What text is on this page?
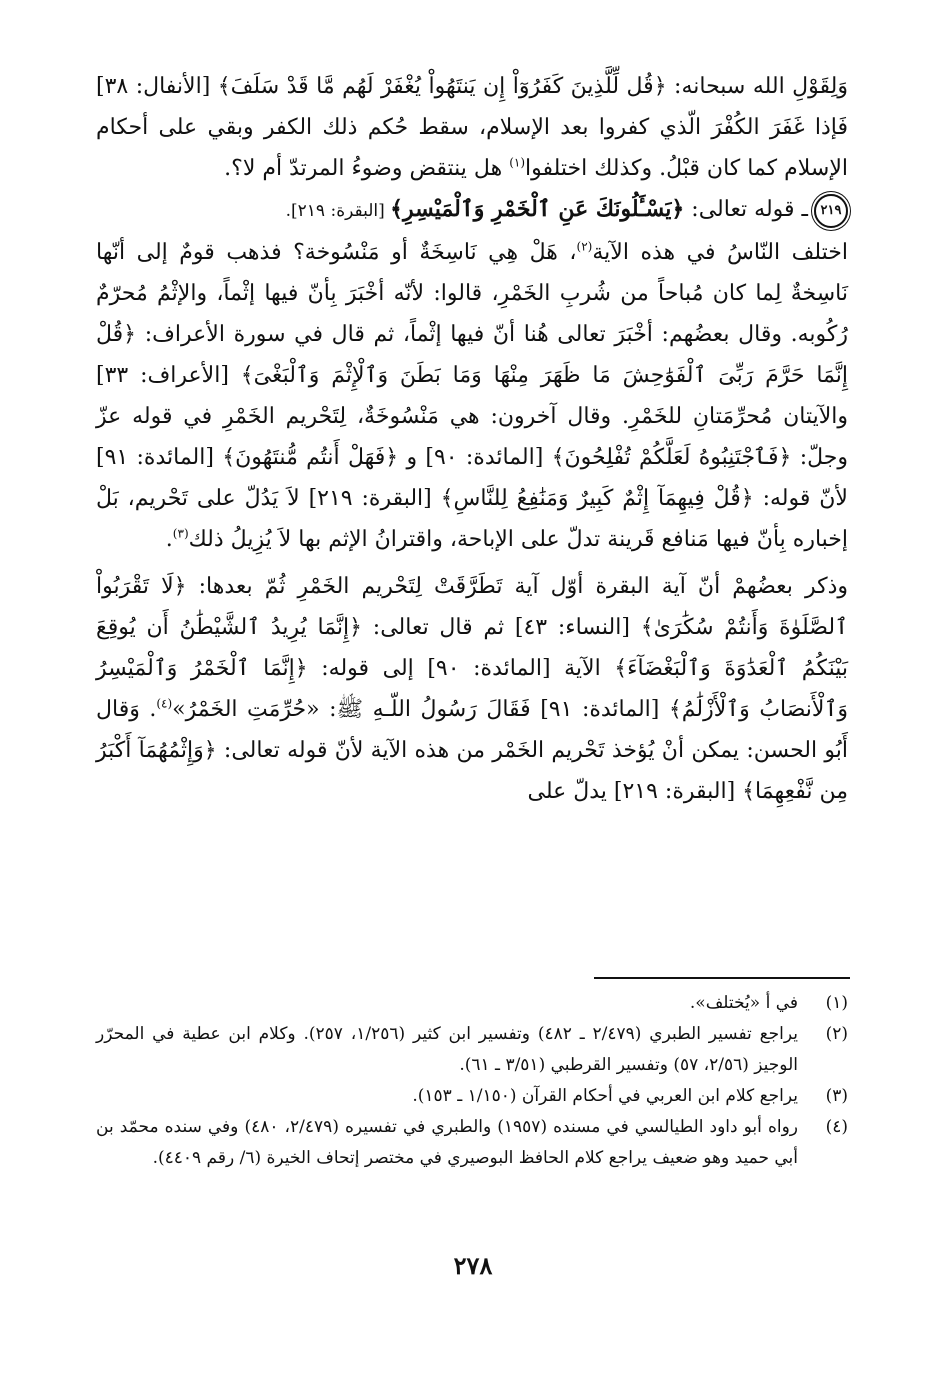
وَلِقَوْلِ الله سبحانه: ﴿قُل لِّلَّذِينَ كَفَرُوٓاْ إِن يَنتَهُواْ يُغْفَرْ لَهُم مَّا قَدْ سَلَفَ﴾ [الأنفال: ٣٨] فَإذا غَفَرَ الكُفْرَ الّذي كفروا بعد الإسلام، سقط حُكم ذلك الكفر وبقي على أحكام الإسلام كما كان قبْلُ. وكذلك اختلفوا$^{(١)}$ هل ينتقض وضوءُ المرتدّ أم لا؟.

٢١٩
ـ قوله تعالى: ﴿يَسْـَٔلُونَكَ عَنِ ٱلْخَمْرِ وَٱلْمَيْسِرِ﴾ [البقرة: ٢١٩].

اختلف النّاسُ في هذه الآية$^{(٢)}$، هَلْ هِي نَاسِخَةٌ أو مَنْسُوخة؟ فذهب قومٌ إلى أنّها نَاسِخةٌ لِما كان مُباحاً من شُربِ الخَمْرِ، قالوا: لأنّه أخْبَرَ بِأنّ فيها إثْماً، والإثْمُ مُحرّمٌ رُكُوبه. وقال بعضُهم: أخْبَرَ تعالى هُنا أنّ فيها إثْماً، ثم قال في سورة الأعراف: ﴿قُلْ إِنَّمَا حَرَّمَ رَبِّىَ ٱلْفَوَٰحِشَ مَا ظَهَرَ مِنْهَا وَمَا بَطَنَ وَٱلْإِثْمَ وَٱلْبَغْىَ﴾ [الأعراف: ٣٣] والآيتان مُحرِّمَتانِ للخَمْرِ. وقال آخرون: هي مَنْسُوخَةٌ، لِتَحْريم الخَمْرِ في قوله عزّ وجلّ: ﴿فَٱجْتَنِبُوهُ لَعَلَّكُمْ تُفْلِحُونَ﴾ [المائدة: ٩٠] و ﴿فَهَلْ أَنتُم مُّنتَهُونَ﴾ [المائدة: ٩١] لأنّ قوله: ﴿قُلْ فِيهِمَآ إِثْمٌ كَبِيرٌ وَمَنَٰفِعُ لِلنَّاسِ﴾ [البقرة: ٢١٩] لاَ يَدُلّ على تَحْريم، بَلْ إخباره بِأنّ فيها مَنافع قَرينة تدلّ على الإباحة، واقترانُ الإثم بها لاَ يُزِيلُ ذلك$^{(٣)}$.

وذكر بعضُهمْ أنّ آية البقرة أوّل آية تَطَرَّقَتْ لِتَحْريم الخَمْرِ ثُمّ بعدها: ﴿لَا تَقْرَبُواْ ٱلصَّلَوٰةَ وَأَنتُمْ سُكَٰرَىٰ﴾ [النساء: ٤٣] ثم قال تعالى: ﴿إِنَّمَا يُرِيدُ ٱلشَّيْطَٰنُ أَن يُوقِعَ بَيْنَكُمُ ٱلْعَدَٰوَةَ وَٱلْبَغْضَآءَ﴾ الآية [المائدة: ٩٠] إلى قوله: ﴿إِنَّمَا ٱلْخَمْرُ وَٱلْمَيْسِرُ وَٱلْأَنصَابُ وَٱلْأَزْلَٰمُ﴾ [المائدة: ٩١] فَقَالَ رَسُولُ اللّـهِ ﷺ: «حُرِّمَتِ الخَمْرُ»$^{(٤)}$. وَقال أَبُو الحسن: يمكن أنْ يُؤخذ تَحْريم الخَمْر من هذه الآية لأنّ قوله تعالى: ﴿وَإِثْمُهُمَآ أَكْبَرُ مِن نَّفْعِهِمَا﴾ [البقرة: ٢١٩] يدلّ على

(١)
في أ «يُختلف».
(٢)
يراجع تفسير الطبري (٢/٤٧٩ ـ ٤٨٢) وتفسير ابن كثير (١/٢٥٦، ٢٥٧). وكلام ابن عطية في المحرّر الوجيز (٢/٥٦، ٥٧) وتفسير القرطبي (٣/٥١ ـ ٦١).
(٣)
يراجع كلام ابن العربي في أحكام القرآن (١/١٥٠ ـ ١٥٣).
(٤)
رواه أبو داود الطيالسي في مسنده (١٩٥٧) والطبري في تفسيره (٢/٤٧٩، ٤٨٠) وفي سنده محمّد بن أبي حميد وهو ضعيف يراجع كلام الحافظ البوصيري في مختصر إتحاف الخيرة (٦/ رقم ٤٤٠٩).
٢٧٨
